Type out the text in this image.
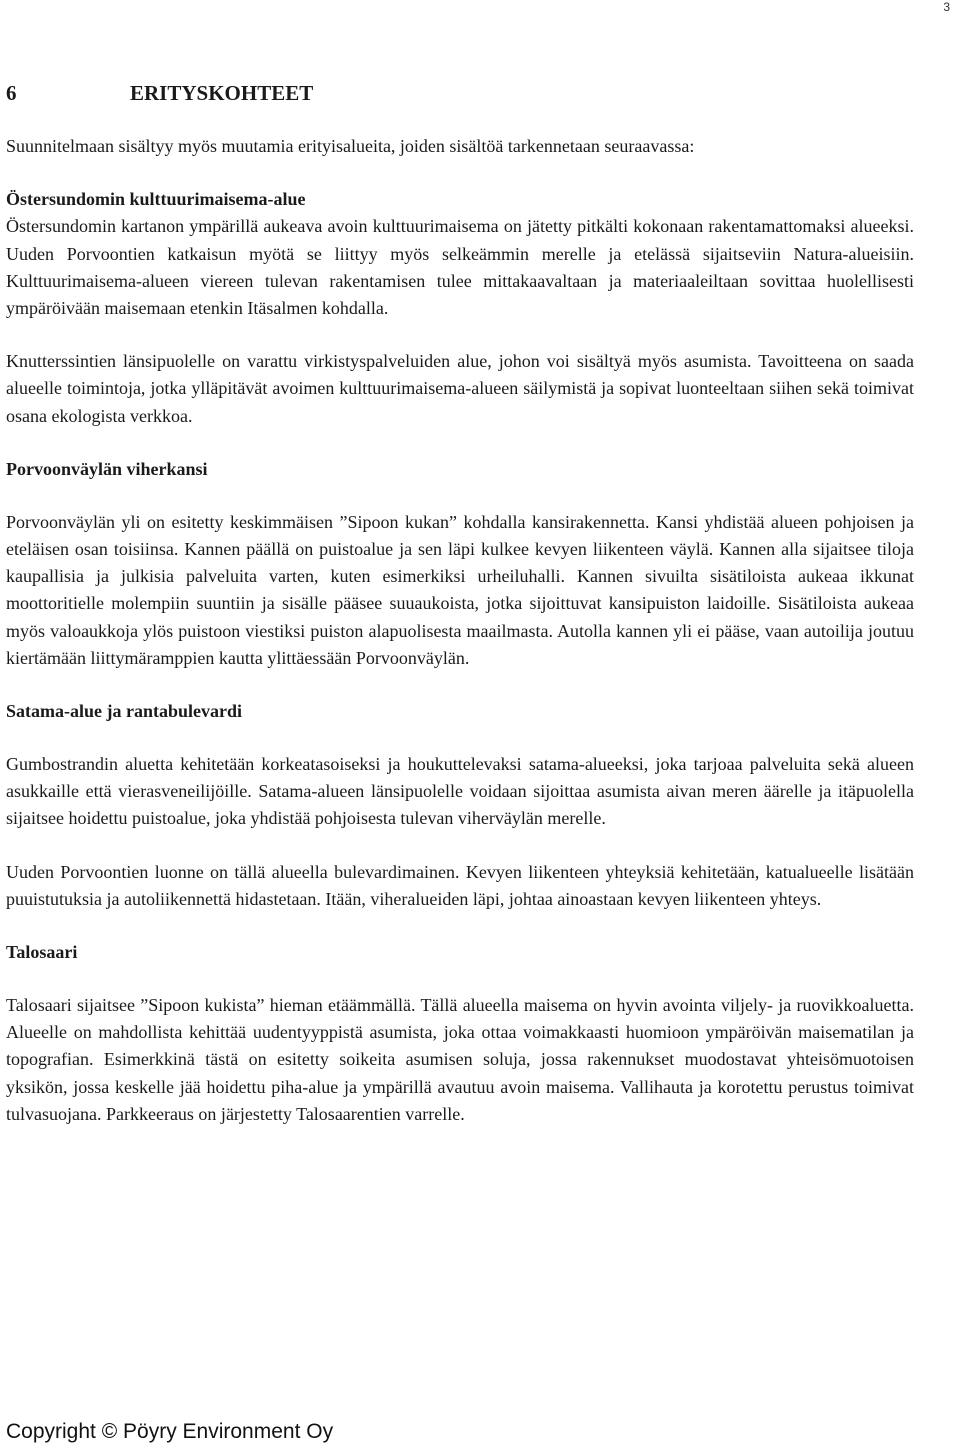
3
6	ERITYSKOHTEET

Suunnitelmaan sisältyy myös muutamia erityisalueita, joiden sisältöä tarkennetaan seuraavassa:

Östersundomin kulttuurimaisema-alue

Östersundomin kartanon ympärillä aukeava avoin kulttuurimaisema on jätetty pitkälti kokonaan rakentamattomaksi alueeksi. Uuden Porvoontien katkaisun myötä se liittyy myös selkeämmin merelle ja etelässä sijaitseviin Natura-alueisiin. Kulttuurimaisema-alueen viereen tulevan rakentamisen tulee mittakaavaltaan ja materiaaleiltaan sovittaa huolellisesti ympäröivään maisemaan etenkin Itäsalmen kohdalla.

Knutterssintien länsipuolelle on varattu virkistyspalveluiden alue, johon voi sisältyä myös asumista. Tavoitteena on saada alueelle toimintoja, jotka ylläpitävät avoimen kulttuurimaisema-alueen säilymistä ja sopivat luonteeltaan siihen sekä toimivat osana ekologista verkkoa.

Porvoonväylän viherkansi

Porvoonväylän yli on esitetty keskimmäisen ”Sipoon kukan” kohdalla kansirakennetta. Kansi yhdistää alueen pohjoisen ja eteläisen osan toisiinsa. Kannen päällä on puistoalue ja sen läpi kulkee kevyen liikenteen väylä. Kannen alla sijaitsee tiloja kaupallisia ja julkisia palveluita varten, kuten esimerkiksi urheiluhalli. Kannen sivuilta sisätiloista aukeaa ikkunat moottoritielle molempiin suuntiin ja sisälle pääsee suuaukoista, jotka sijoittuvat kansipuiston laidoille. Sisätiloista aukeaa myös valoaukkoja ylös puistoon viestiksi puiston alapuolisesta maailmasta. Autolla kannen yli ei pääse, vaan autoilija joutuu kiertämään liittymäramppien kautta ylittäessään Porvoonväylän.

Satama-alue ja rantabulevardi

Gumbostrandin aluetta kehitetään korkeatasoiseksi ja houkuttelevaksi satama-alueeksi, joka tarjoaa palveluita sekä alueen asukkaille että vierasveneilijöille. Satama-alueen länsipuolelle voidaan sijoittaa asumista aivan meren äärelle ja itäpuolella sijaitsee hoidettu puistoalue, joka yhdistää pohjoisesta tulevan viherväylän merelle.

Uuden Porvoontien luonne on tällä alueella bulevardimainen. Kevyen liikenteen yhteyksiä kehitetään, katualueelle lisätään puuistutuksia ja autoliikennettä hidastetaan. Itään, viheralueiden läpi, johtaa ainoastaan kevyen liikenteen yhteys.

Talosaari

Talosaari sijaitsee ”Sipoon kukista” hieman etäämmällä. Tällä alueella maisema on hyvin avointa viljely- ja ruovikkoaluetta. Alueelle on mahdollista kehittää uudentyyppistä asumista, joka ottaa voimakkaasti huomioon ympäröivän maisematilan ja topografian. Esimerkkinä tästä on esitetty soikeita asumisen soluja, jossa rakennukset muodostavat yhteisömuotoisen yksikön, jossa keskelle jää hoidettu piha-alue ja ympärillä avautuu avoin maisema. Vallihauta ja korotettu perustus toimivat tulvasuojana. Parkkeeraus on järjestetty Talosaarentien varrelle.

Copyright © Pöyry Environment Oy
